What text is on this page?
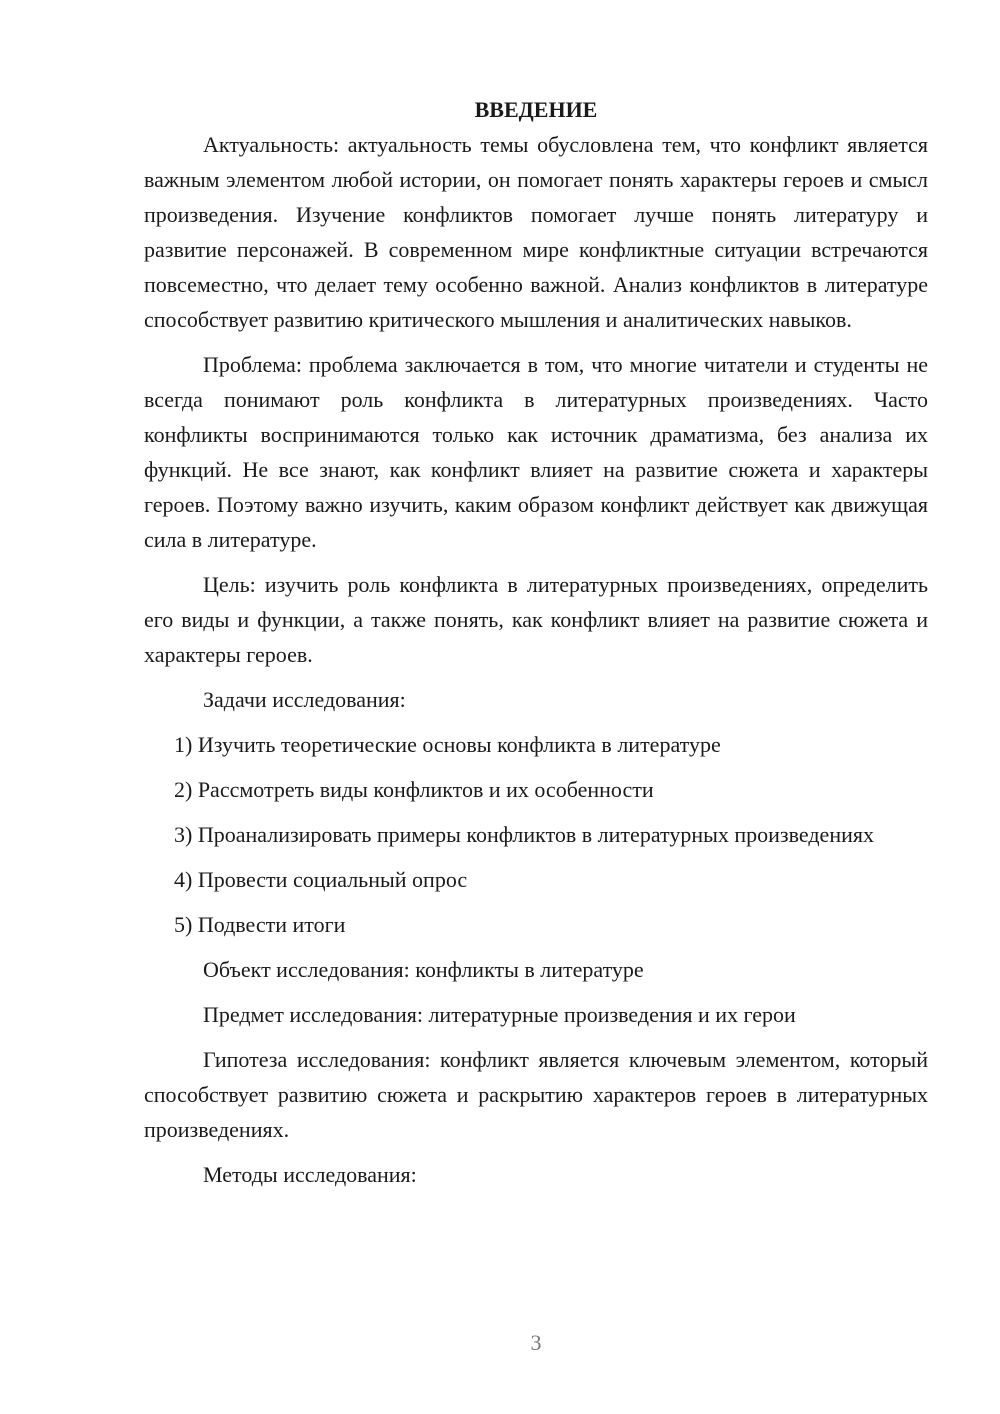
ВВЕДЕНИЕ

Актуальность: актуальность темы обусловлена тем, что конфликт является важным элементом любой истории, он помогает понять характеры героев и смысл произведения. Изучение конфликтов помогает лучше понять литературу и развитие персонажей. В современном мире конфликтные ситуации встречаются повсеместно, что делает тему особенно важной. Анализ конфликтов в литературе способствует развитию критического мышления и аналитических навыков.

Проблема: проблема заключается в том, что многие читатели и студенты не всегда понимают роль конфликта в литературных произведениях. Часто конфликты воспринимаются только как источник драматизма, без анализа их функций. Не все знают, как конфликт влияет на развитие сюжета и характеры героев. Поэтому важно изучить, каким образом конфликт действует как движущая сила в литературе.

Цель: изучить роль конфликта в литературных произведениях, определить его виды и функции, а также понять, как конфликт влияет на развитие сюжета и характеры героев.

Задачи исследования:

1) Изучить теоретические основы конфликта в литературе

2) Рассмотреть виды конфликтов и их особенности

3) Проанализировать примеры конфликтов в литературных произведениях

4) Провести социальный опрос

5) Подвести итоги

Объект исследования: конфликты в литературе

Предмет исследования: литературные произведения и их герои

Гипотеза исследования: конфликт является ключевым элементом, который способствует развитию сюжета и раскрытию характеров героев в литературных произведениях.

Методы исследования:

3
